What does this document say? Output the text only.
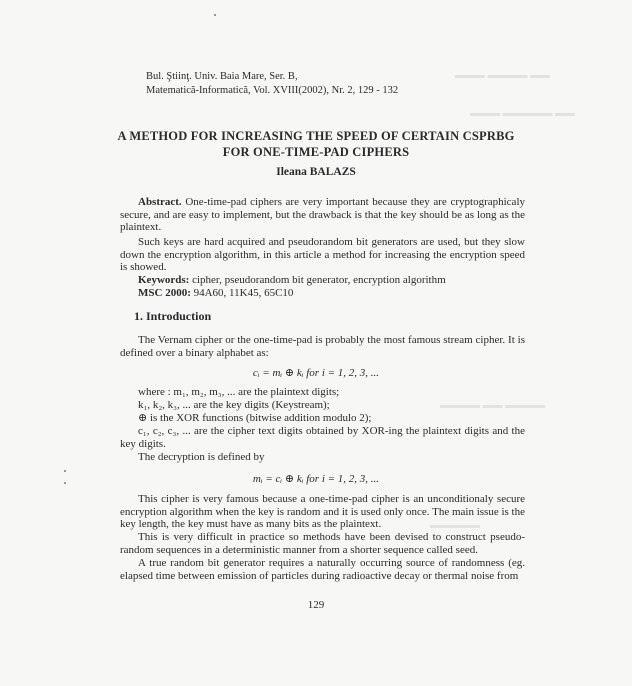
▬▬▬ ▬▬▬▬ ▬▬
▬▬▬ ▬▬▬▬▬ ▬▬
▬▬▬▬ ▬▬ ▬▬▬▬
▬▬▬▬▬
Bul. Ştiinţ. Univ. Baia Mare, Ser. B,
Matematică-Informatică, Vol. XVIII(2002), Nr. 2, 129 - 132
A METHOD FOR INCREASING THE SPEED OF CERTAIN CSPRBG
FOR ONE-TIME-PAD CIPHERS
Ileana BALAZS
Abstract. One-time-pad ciphers are very important because they are cryptographicaly secure, and are easy to implement, but the drawback is that the key should be as long as the plaintext.
Such keys are hard acquired and pseudorandom bit generators are used, but they slow down the encryption algorithm, in this article a method for increasing the encryption speed is showed.
Keywords: cipher, pseudorandom bit generator, encryption algorithm
MSC 2000: 94A60, 11K45, 65C10
1. Introduction
The Vernam cipher or the one-time-pad is probably the most famous stream cipher. It is defined over a binary alphabet as:
cᵢ = mᵢ ⊕ kᵢ for i = 1, 2, 3, ...
where : m₁, m₂, m₃, ... are the plaintext digits;
k₁, k₂, k₃, ... are the key digits (Keystream);
⊕ is the XOR functions (bitwise addition modulo 2);
c₁, c₂, c₃, ... are the cipher text digits obtained by XOR-ing the plaintext digits and the key digits.
The decryption is defined by
mᵢ = cᵢ ⊕ kᵢ for i = 1, 2, 3, ...
This cipher is very famous because a one-time-pad cipher is an unconditionaly secure encryption algorithm when the key is random and it is used only once. The main issue is the key length, the key must have as many bits as the plaintext.
This is very difficult in practice so methods have been devised to construct pseudo-random sequences in a deterministic manner from a shorter sequence called seed.
A true random bit generator requires a naturally occurring source of randomness (eg. elapsed time between emission of particles during radioactive decay or thermal noise from
129
